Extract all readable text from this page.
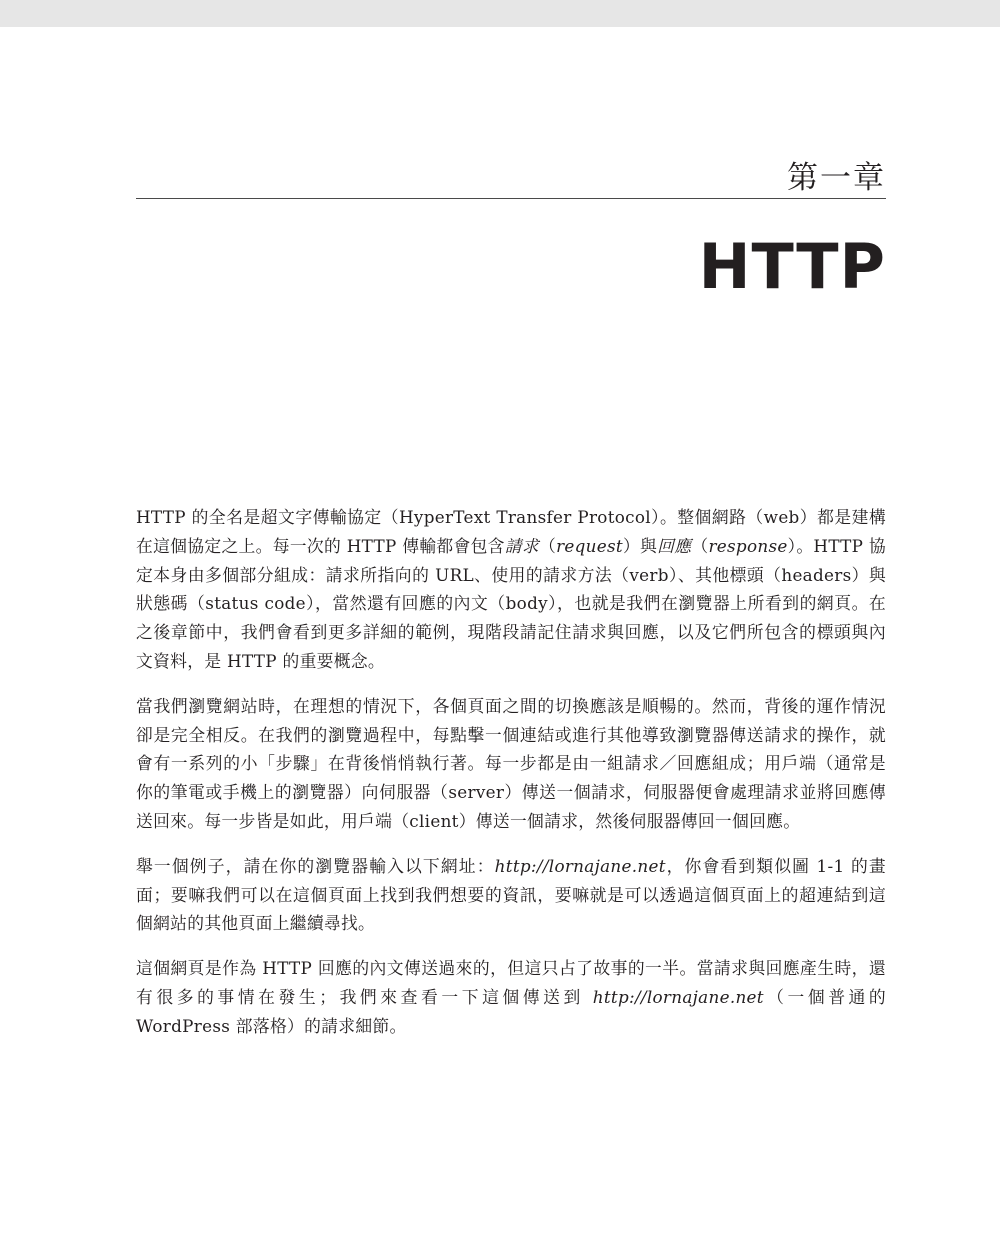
第一章
HTTP

HTTP 的全名是超文字傳輸協定（HyperText Transfer Protocol）。整個網路（web）都是建構在這個協定之上。每一次的 HTTP 傳輸都會包含請求（request）與回應（response）。HTTP 協定本身由多個部分組成：請求所指向的 URL、使用的請求方法（verb）、其他標頭（headers）與狀態碼（status code），當然還有回應的內文（body），也就是我們在瀏覽器上所看到的網頁。在之後章節中，我們會看到更多詳細的範例，現階段請記住請求與回應，以及它們所包含的標頭與內文資料，是 HTTP 的重要概念。

當我們瀏覽網站時，在理想的情況下，各個頁面之間的切換應該是順暢的。然而，背後的運作情況卻是完全相反。在我們的瀏覽過程中，每點擊一個連結或進行其他導致瀏覽器傳送請求的操作，就會有一系列的小「步驟」在背後悄悄執行著。每一步都是由一組請求／回應組成；用戶端（通常是你的筆電或手機上的瀏覽器）向伺服器（server）傳送一個請求，伺服器便會處理請求並將回應傳送回來。每一步皆是如此，用戶端（client）傳送一個請求，然後伺服器傳回一個回應。

舉一個例子，請在你的瀏覽器輸入以下網址：http://lornajane.net，你會看到類似圖 1-1 的畫面；要嘛我們可以在這個頁面上找到我們想要的資訊，要嘛就是可以透過這個頁面上的超連結到這個網站的其他頁面上繼續尋找。

這個網頁是作為 HTTP 回應的內文傳送過來的，但這只占了故事的一半。當請求與回應產生時，還有很多的事情在發生；我們來查看一下這個傳送到 http://lornajane.net（一個普通的 WordPress 部落格）的請求細節。
